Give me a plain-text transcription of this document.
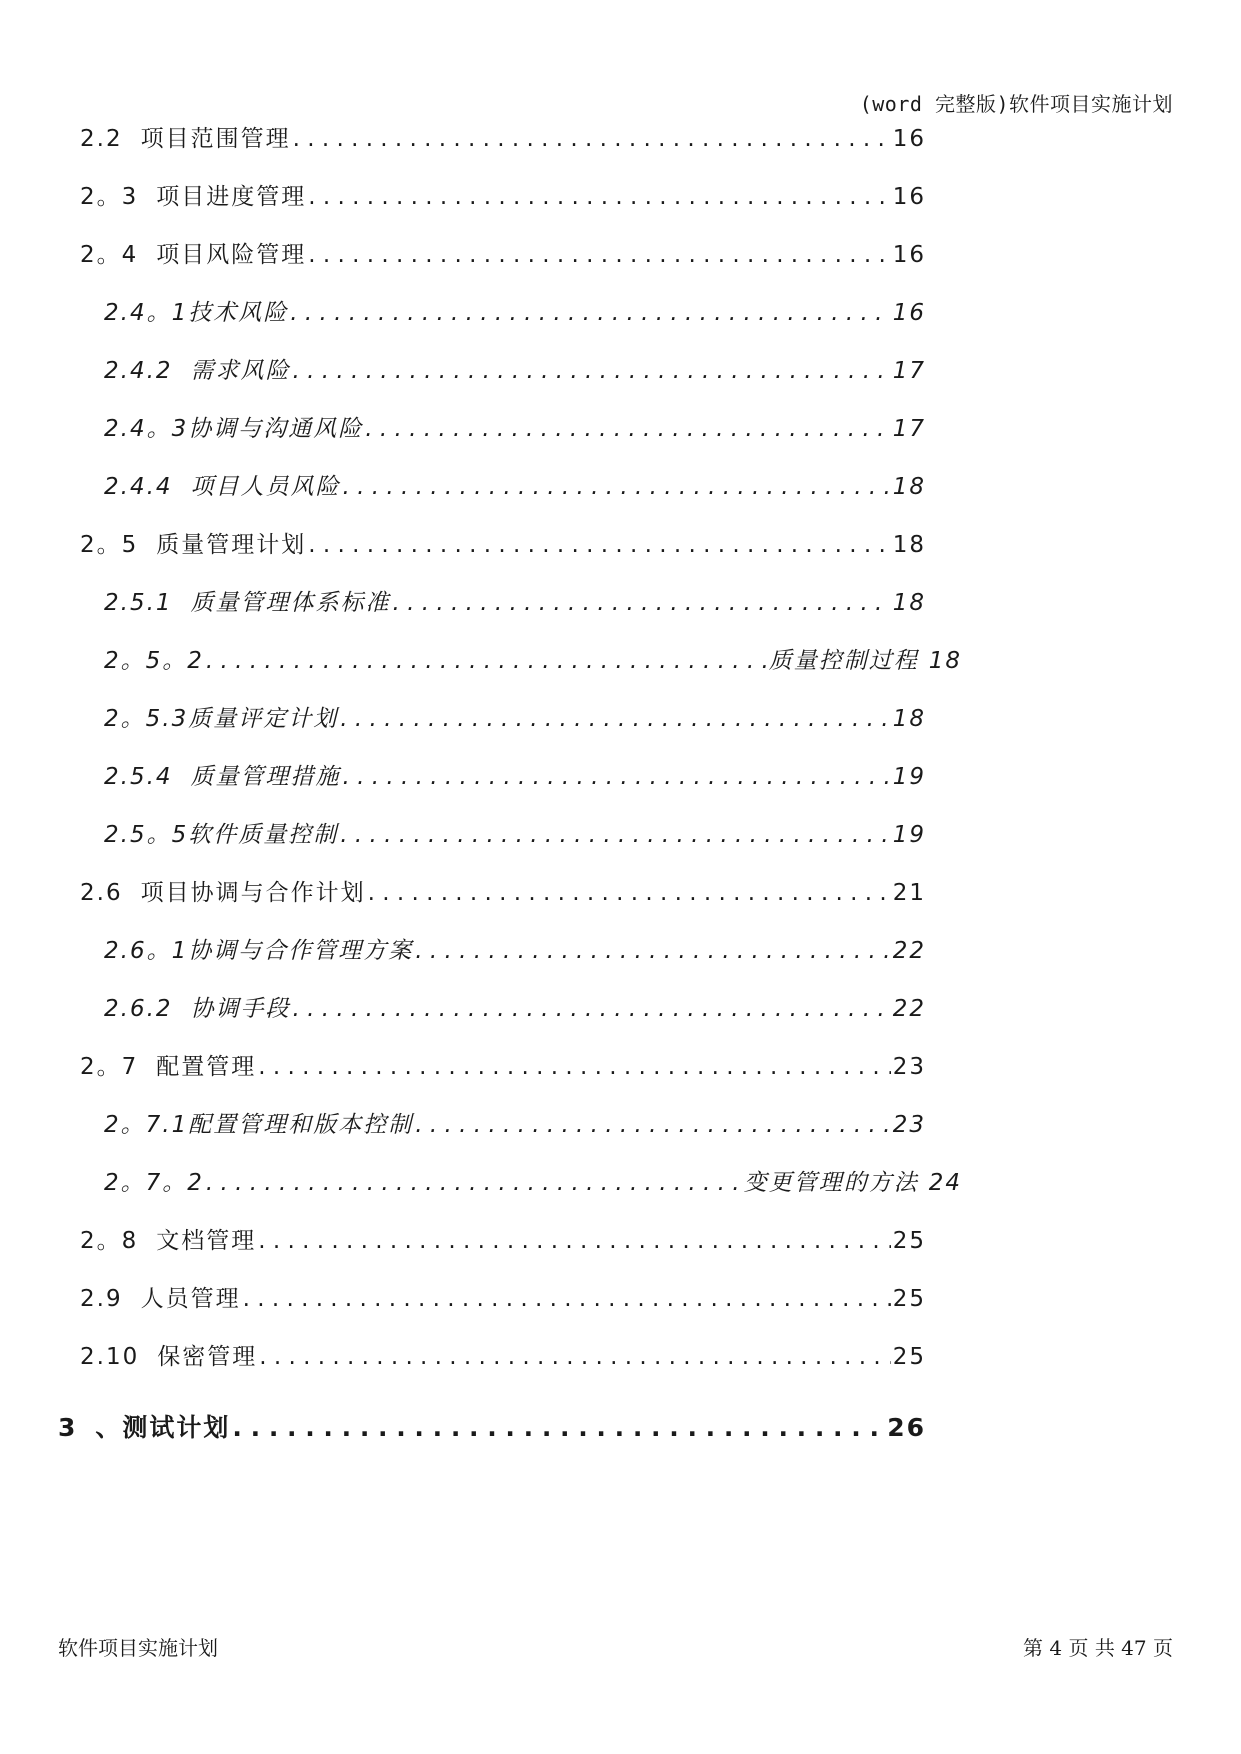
(word 完整版)软件项目实施计划
2.2 项目范围管理 . . .	16
2。3 项目进度管理 . . .	16
2。4 项目风险管理 . . .	16
2.4。1 技术风险 . . .	16
2.4.2 需求风险 . . .	17
2.4。3 协调与沟通风险 . . .	17
2.4.4 项目人员风险 . . .	18
2。5 质量管理计划 . . .	18
2.5.1 质量管理体系标准 . . .	18
2。5。2 . . .	质量控制过程 18
2。5.3 质量评定计划 . . .	18
2.5.4 质量管理措施 . . .	19
2.5。5 软件质量控制 . . .	19
2.6 项目协调与合作计划 . . .	21
2.6。1 协调与合作管理方案 . . .	22
2.6.2 协调手段 . . .	22
2。7 配置管理 . . .	23
2。7.1 配置管理和版本控制 . . .	23
2。7。2 . . .	变更管理的方法 24
2。8 文档管理 . . .	25
2.9 人员管理 . . .	25
2.10 保密管理 . . .	25
3 、测试计划 . . .	26
软件项目实施计划	第 4 页 共 47 页
